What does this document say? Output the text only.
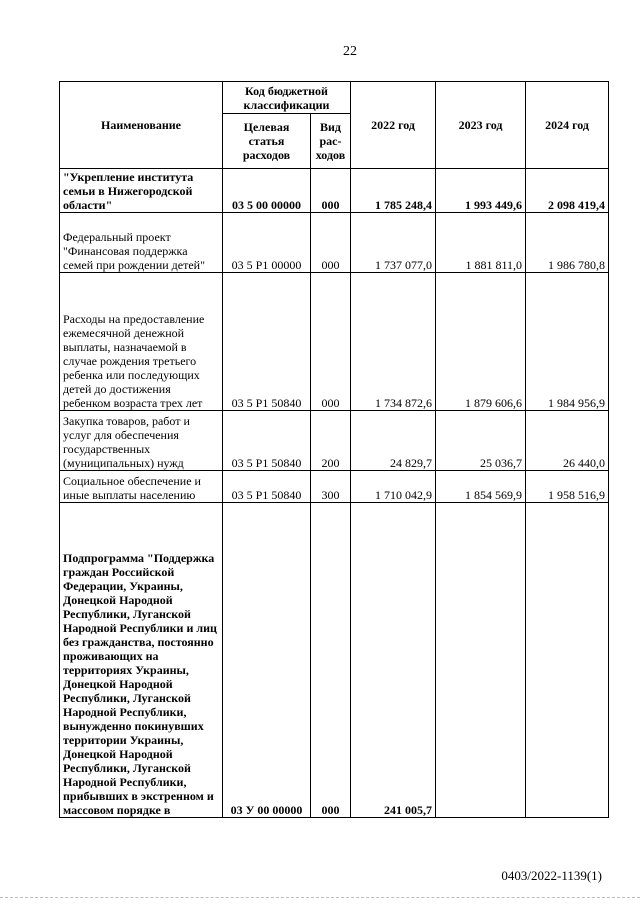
22
Наименование	Код бюджетной классификации		2022 год	2023 год	2024 год
	Целевая статья расходов	Вид рас-ходов			
"Укрепление института семьи в Нижегородской области"	03 5 00 00000	000	1 785 248,4	1 993 449,6	2 098 419,4
Федеральный проект "Финансовая поддержка семей при рождении детей"	03 5 P1 00000	000	1 737 077,0	1 881 811,0	1 986 780,8
Расходы на предоставление ежемесячной денежной выплаты, назначаемой в случае рождения третьего ребенка или последующих детей до достижения ребенком возраста трех лет	03 5 P1 50840	000	1 734 872,6	1 879 606,6	1 984 956,9
Закупка товаров, работ и услуг для обеспечения государственных (муниципальных) нужд	03 5 P1 50840	200	24 829,7	25 036,7	26 440,0
Социальное обеспечение и иные выплаты населению	03 5 P1 50840	300	1 710 042,9	1 854 569,9	1 958 516,9
Подпрограмма "Поддержка граждан Российской Федерации, Украины, Донецкой Народной Республики, Луганской Народной Республики и лиц без гражданства, постоянно проживающих на территориях Украины, Донецкой Народной Республики, Луганской Народной Республики, вынужденно покинувших территории Украины, Донецкой Народной Республики, Луганской Народной Республики, прибывших в экстренном и массовом порядке в	03 У 00 00000	000	241 005,7		
0403/2022-1139(1)
